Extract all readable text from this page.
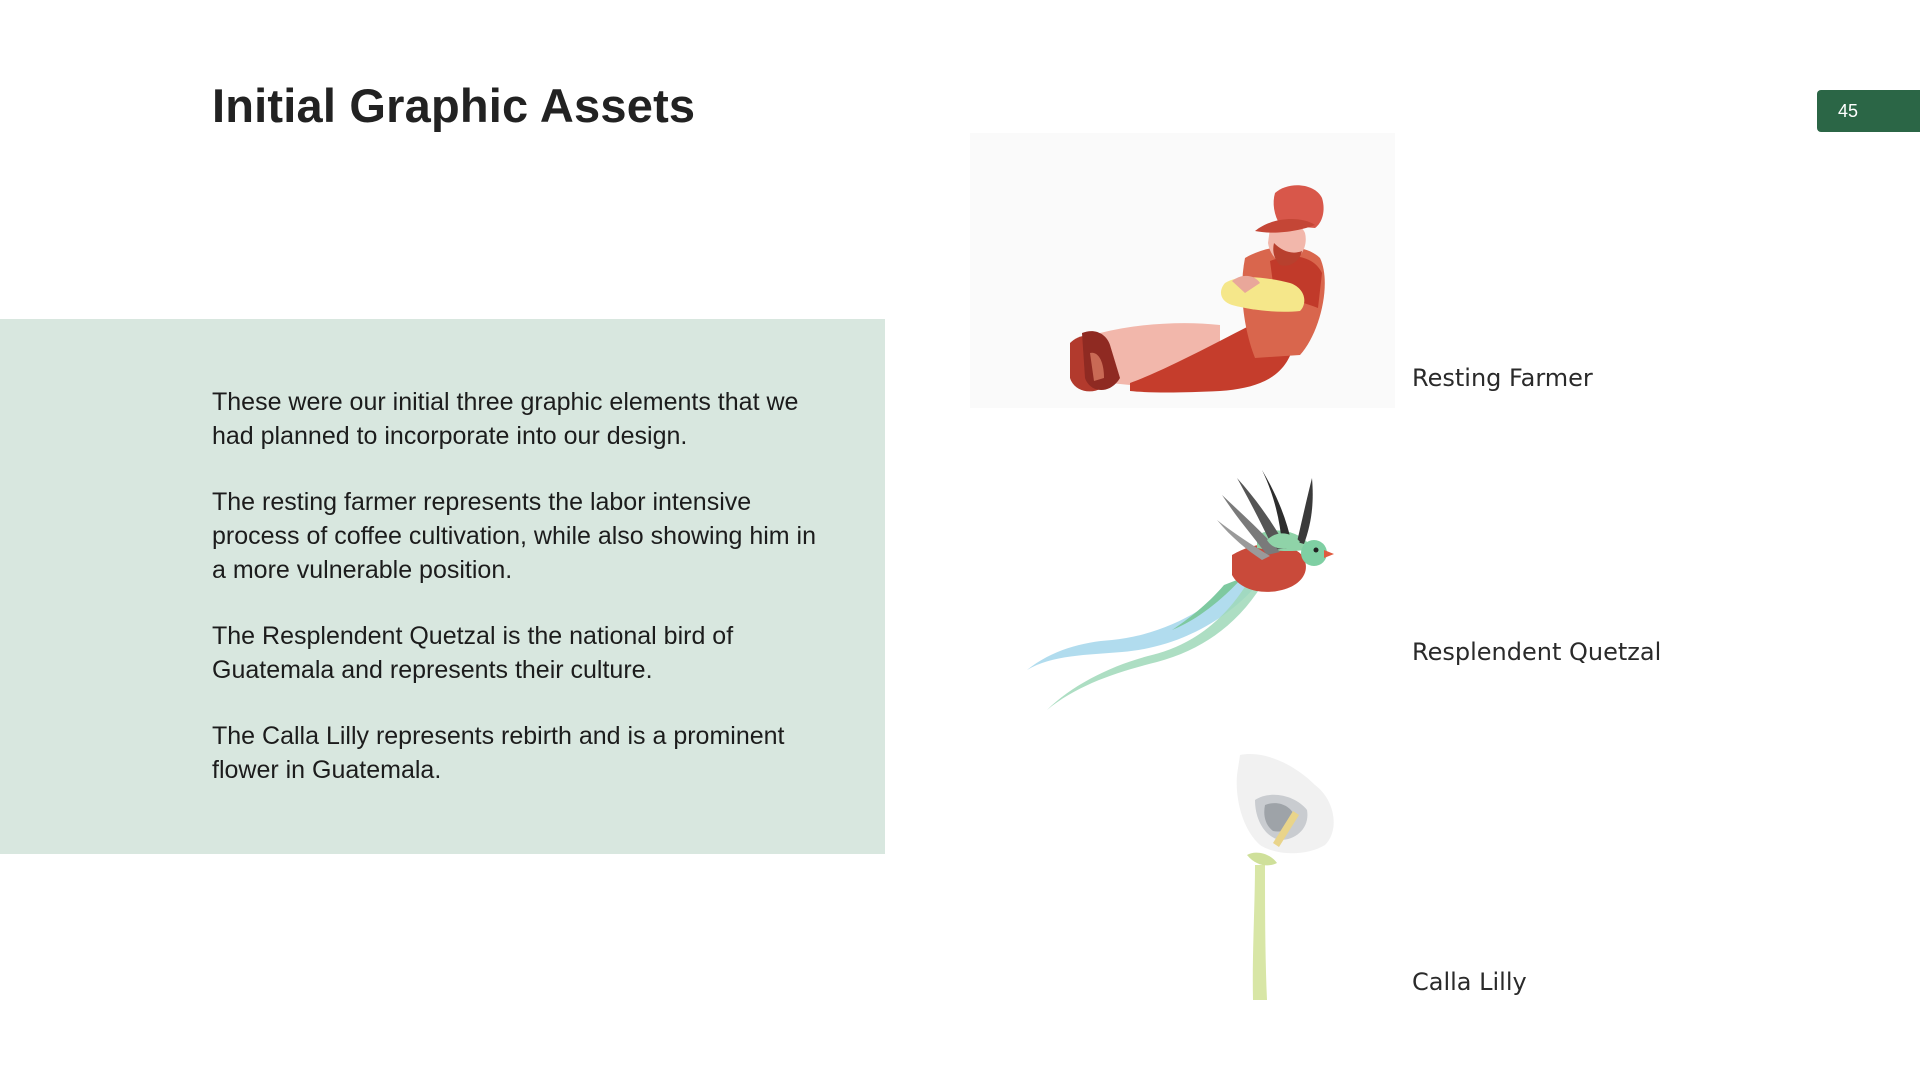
Initial Graphic Assets	45

These were our initial three graphic elements that we had planned to incorporate into our design.

The resting farmer represents the labor intensive process of coffee cultivation, while also showing him in a more vulnerable position.

The Resplendent Quetzal is the national bird of Guatemala and represents their culture.

The Calla Lilly represents rebirth and is a prominent flower in Guatemala.

Resting Farmer
Resplendent Quetzal
Calla Lilly
